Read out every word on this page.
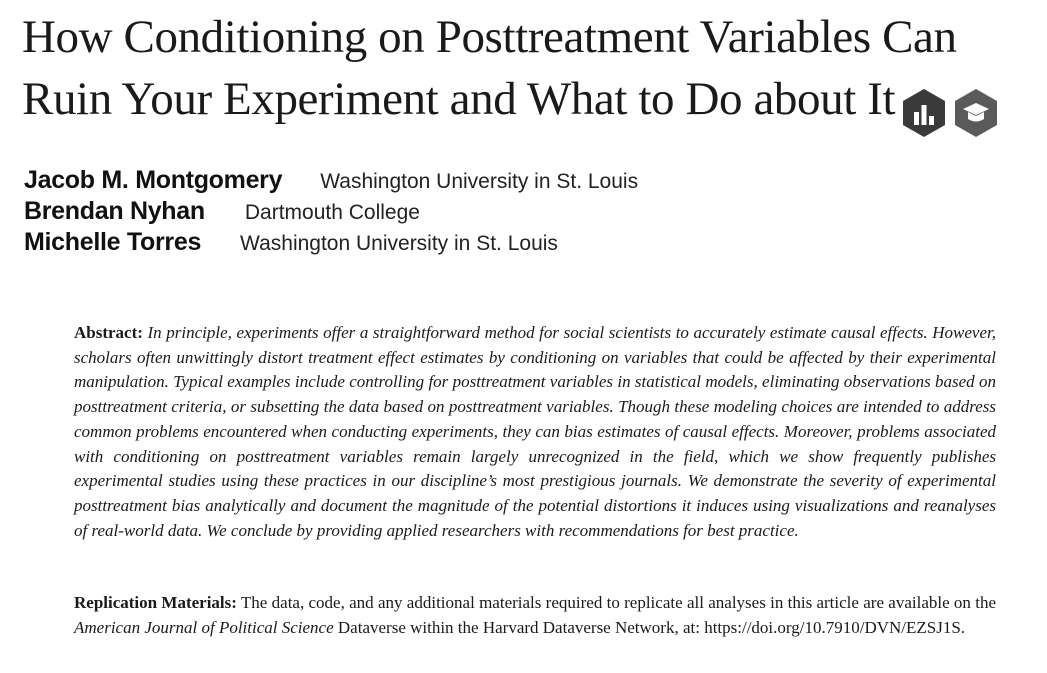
How Conditioning on Posttreatment Variables Can Ruin Your Experiment and What to Do about It
Jacob M. Montgomery Washington University in St. Louis
Brendan Nyhan Dartmouth College
Michelle Torres Washington University in St. Louis

Abstract: In principle, experiments offer a straightforward method for social scientists to accurately estimate causal effects. However, scholars often unwittingly distort treatment effect estimates by conditioning on variables that could be affected by their experimental manipulation. Typical examples include controlling for posttreatment variables in statistical models, eliminating observations based on posttreatment criteria, or subsetting the data based on posttreatment variables. Though these modeling choices are intended to address common problems encountered when conducting experiments, they can bias estimates of causal effects. Moreover, problems associated with conditioning on posttreatment variables remain largely unrecognized in the field, which we show frequently publishes experimental studies using these practices in our discipline’s most prestigious journals. We demonstrate the severity of experimental posttreatment bias analytically and document the magnitude of the potential distortions it induces using visualizations and reanalyses of real-world data. We conclude by providing applied researchers with recommendations for best practice.

Replication Materials: The data, code, and any additional materials required to replicate all analyses in this article are available on the American Journal of Political Science Dataverse within the Harvard Dataverse Network, at: https://doi.org/10.7910/DVN/EZSJ1S.
